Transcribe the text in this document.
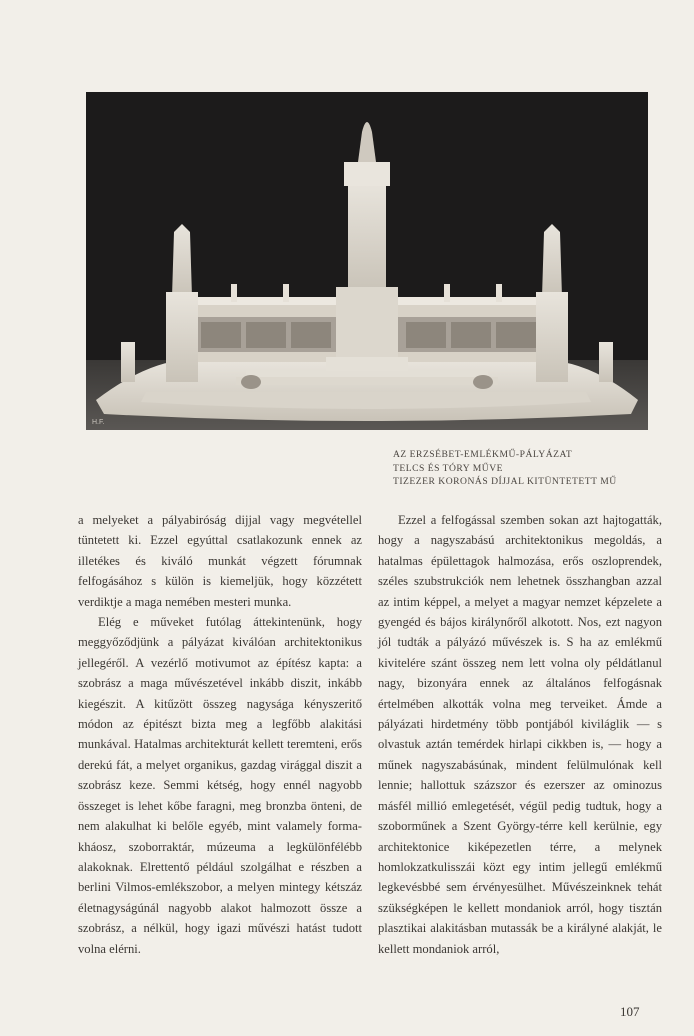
H.F.
AZ ERZSÉBET-EMLÉKMŰ-PÁLYÁZAT
TELCS ÉS TÓRY MŰVE
TIZEZER KORONÁS DÍJJAL KITÜNTETETT MŰ

a melyeket a pályabiróság dijjal vagy megvétellel tüntetett ki. Ezzel egyúttal csatlakozunk ennek az illetékes és kiváló munkát végzett fórumnak felfogásához s külön is kiemeljük, hogy közzétett verdiktje a maga nemében mesteri munka.

Elég e műveket futólag áttekintenünk, hogy meggyőződjünk a pályázat kiválóan architektonikus jellegéről. A vezérlő motivumot az építész kapta: a szobrász a maga művészetével inkább diszit, inkább kiegészit. A kitűzött összeg nagysága kényszeritő módon az épitészt bizta meg a legfőbb alakitási munkával. Hatalmas architekturát kellett teremteni, erős derekú fát, a melyet organikus, gazdag virággal diszit a szobrász keze. Semmi kétség, hogy ennél nagyobb összeget is lehet kőbe faragni, meg bronzba önteni, de nem alakulhat ki belőle egyéb, mint valamely forma-kháosz, szoborraktár, múzeuma a legkülönfélébb alakoknak. Elrettentő például szolgálhat e részben a berlini Vilmos-emlékszobor, a melyen mintegy kétszáz életnagyságúnál nagyobb alakot halmozott össze a szobrász, a nélkül, hogy igazi művészi hatást tudott volna elérni.

Ezzel a felfogással szemben sokan azt hajtogatták, hogy a nagyszabású architektonikus megoldás, a hatalmas épülettagok halmozása, erős oszloprendek, széles szubstrukciók nem lehetnek összhangban azzal az intim képpel, a melyet a magyar nemzet képzelete a gyengéd és bájos királynőről alkotott. Nos, ezt nagyon jól tudták a pályázó művészek is. S ha az emlékmű kivitelére szánt összeg nem lett volna oly példátlanul nagy, bizonyára ennek az általános felfogásnak értelmében alkották volna meg terveiket. Ámde a pályázati hirdetmény több pontjából kiviláglik — s olvastuk aztán temérdek hirlapi cikkben is, — hogy a műnek nagyszabásúnak, mindent felülmulónak kell lennie; hallottuk százszor és ezerszer az ominozus másfél millió emlegetését, végül pedig tudtuk, hogy a szoborműnek a Szent György-térre kell kerülnie, egy architektonice kiképezetlen térre, a melynek homlokzatkulisszái közt egy intim jellegű emlékmű legkevésbbé sem érvényesülhet. Művészeinknek tehát szükségképen le kellett mondaniok arról, hogy tisztán plasztikai alakitásban mutassák be a királyné alakját, le kellett mondaniok arról,

107
